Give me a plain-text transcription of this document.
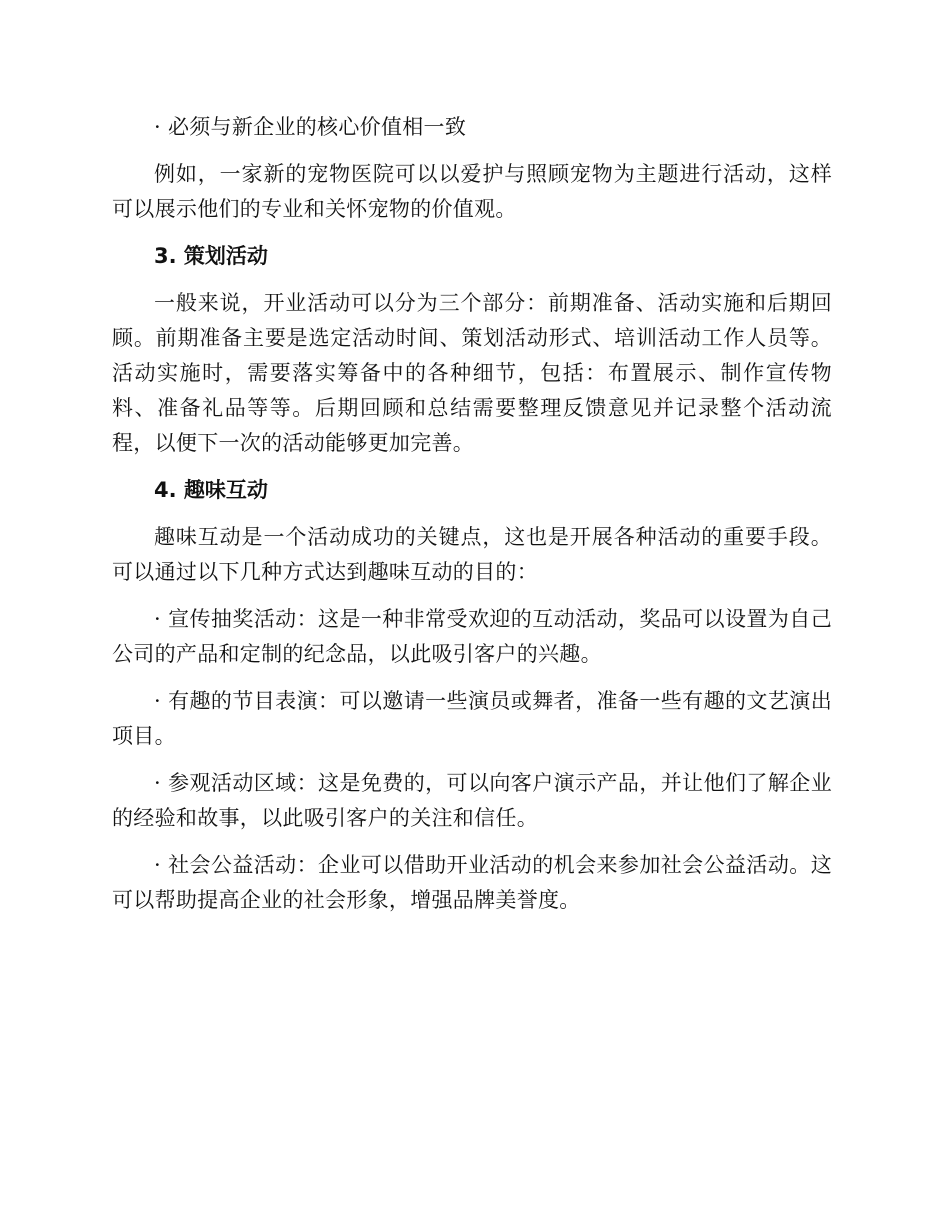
· 必须与新企业的核心价值相一致

例如，一家新的宠物医院可以以爱护与照顾宠物为主题进行活动，这样可以展示他们的专业和关怀宠物的价值观。

3. 策划活动

一般来说，开业活动可以分为三个部分：前期准备、活动实施和后期回顾。前期准备主要是选定活动时间、策划活动形式、培训活动工作人员等。活动实施时，需要落实筹备中的各种细节，包括：布置展示、制作宣传物料、准备礼品等等。后期回顾和总结需要整理反馈意见并记录整个活动流程，以便下一次的活动能够更加完善。

4. 趣味互动

趣味互动是一个活动成功的关键点，这也是开展各种活动的重要手段。可以通过以下几种方式达到趣味互动的目的：

· 宣传抽奖活动：这是一种非常受欢迎的互动活动，奖品可以设置为自己公司的产品和定制的纪念品，以此吸引客户的兴趣。

· 有趣的节目表演：可以邀请一些演员或舞者，准备一些有趣的文艺演出项目。

· 参观活动区域：这是免费的，可以向客户演示产品，并让他们了解企业的经验和故事，以此吸引客户的关注和信任。

· 社会公益活动：企业可以借助开业活动的机会来参加社会公益活动。这可以帮助提高企业的社会形象，增强品牌美誉度。
